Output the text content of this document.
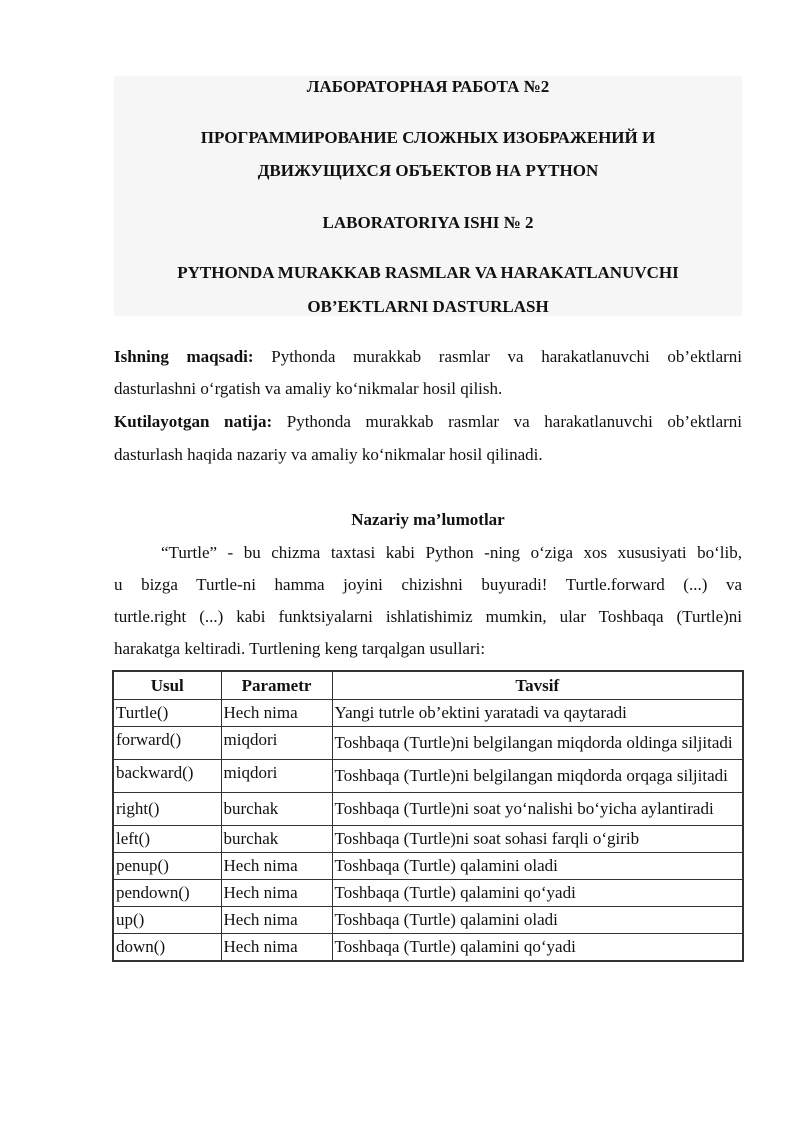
ЛАБОРАТОРНАЯ РАБОТА №2
ПРОГРАММИРОВАНИЕ СЛОЖНЫХ ИЗОБРАЖЕНИЙ И
ДВИЖУЩИХСЯ ОБЪЕКТОВ НА PYTHON
LABORATORIYA ISHI № 2
PYTHONDA MURAKKAB RASMLAR VA HARAKATLANUVCHI
OB’EKTLARNI DASTURLASH
Ishning maqsadi: Pythonda murakkab rasmlar va harakatlanuvchi ob’ektlarni
dasturlashni o‘rgatish va amaliy ko‘nikmalar hosil qilish.
Kutilayotgan natija: Pythonda murakkab rasmlar va harakatlanuvchi ob’ektlarni
dasturlash haqida nazariy va amaliy ko‘nikmalar hosil qilinadi.
Nazariy ma’lumotlar
“Turtle” - bu chizma taxtasi kabi Python -ning o‘ziga xos xususiyati bo‘lib,
u bizga Turtle-ni hamma joyini chizishni buyuradi! Turtle.forward (...) va
turtle.right (...) kabi funktsiyalarni ishlatishimiz mumkin, ular Toshbaqa (Turtle)ni
harakatga keltiradi. Turtlening keng tarqalgan usullari:
Usul	Parametr	Tavsif
Turtle()	Hech nima	Yangi tutrle ob’ektini yaratadi va qaytaradi
forward()	miqdori	Toshbaqa (Turtle)ni belgilangan miqdorda oldinga siljitadi
backward()	miqdori	Toshbaqa (Turtle)ni belgilangan miqdorda orqaga siljitadi
right()	burchak	Toshbaqa (Turtle)ni soat yo‘nalishi bo‘yicha aylantiradi
left()	burchak	Toshbaqa (Turtle)ni soat sohasi farqli o‘girib
penup()	Hech nima	Toshbaqa (Turtle) qalamini oladi
pendown()	Hech nima	Toshbaqa (Turtle) qalamini qo‘yadi
up()	Hech nima	Toshbaqa (Turtle) qalamini oladi
down()	Hech nima	Toshbaqa (Turtle) qalamini qo‘yadi
